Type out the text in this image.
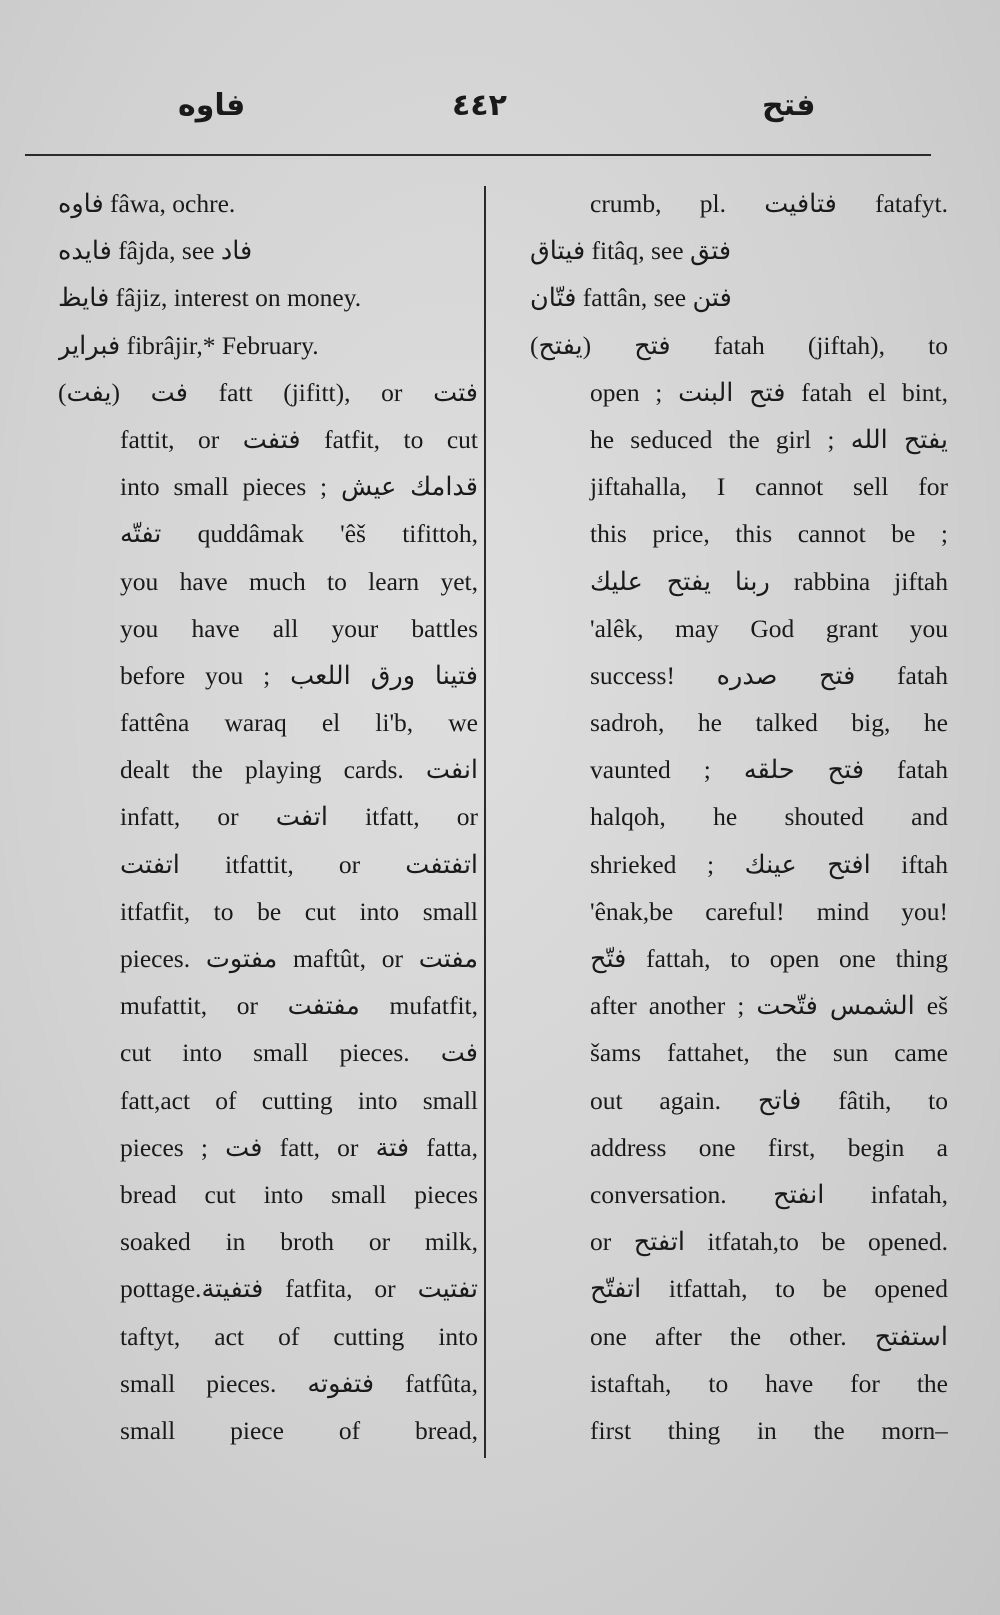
فاوه	٤٤٢	فتح
فاوه fâwa, ochre.
فايده fâjda, see فاد
فايظ fâjiz, interest on money.
فبراير fibrâjir,* February.
فت (يفت) fatt (jifitt), or فتت
fattit, or فتفت fatfit, to cut
into small pieces ; قدامك عيش
تفتّه quddâmak 'êš tifittoh,
you have much to learn yet,
you have all your battles
before you ; فتينا ورق اللعب
fattêna waraq el li'b, we
dealt the playing cards. انفت
infatt, or اتفت itfatt, or
اتفتت itfattit, or اتفتفت
itfatfit, to be cut into small
pieces. مفتوت maftût, or مفتت
mufattit, or مفتفت mufatfit,
cut into small pieces. فت
fatt,act of cutting into small
pieces ; فت fatt, or فتة fatta,
bread cut into small pieces
soaked in broth or milk,
pottage.فتفيتة fatfita, or تفتيت
taftyt, act of cutting into
small pieces. فتفوته fatfûta,
small piece of bread,
crumb, pl. فتافيت fatafyt.
فيتاق fitâq, see فتق
فتّان fattân, see فتن
فتح (يفتح) fatah (jiftah), to
open ; فتح البنت fatah el bint,
he seduced the girl ; يفتح الله
jiftahalla, I cannot sell for
this price, this cannot be ;
ربنا يفتح عليك rabbina jiftah
'alêk, may God grant you
success! فتح صدره fatah
sadroh, he talked big, he
vaunted ; فتح حلقه fatah
halqoh, he shouted and
shrieked ; افتح عينك iftah
'ênak,be careful! mind you!
فتّح fattah, to open one thing
after another ; الشمس فتّحت eš
šams fattahet, the sun came
out again. فاتح fâtih, to
address one first, begin a
conversation. انفتح infatah,
or اتفتح itfatah,to be opened.
اتفتّح itfattah, to be opened
one after the other. استفتح
istaftah, to have for the
first thing in the morn–
